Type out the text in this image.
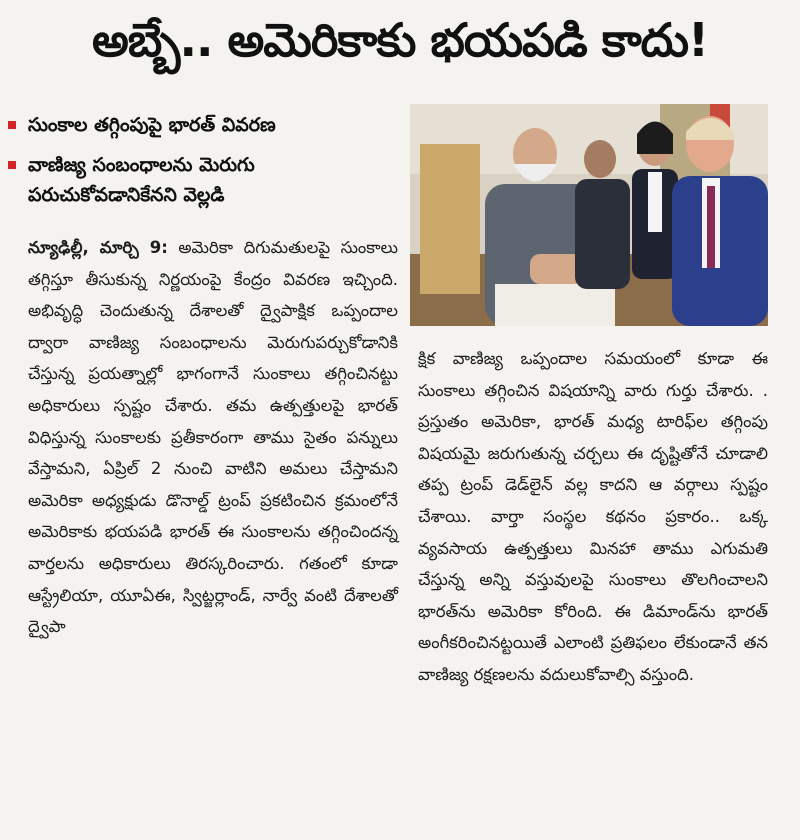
అబ్బే.. అమెరికాకు భయపడి కాదు!
సుంకాల తగ్గింపుపై భారత్ వివరణ
వాణిజ్య సంబంధాలను మెరుగు పరుచుకోవడానికేనని వెల్లడి
న్యూఢిల్లీ, మార్చి 9: అమెరికా దిగుమతులపై సుంకాలు తగ్గిస్తూ తీసుకున్న నిర్ణయంపై కేంద్రం వివరణ ఇచ్చింది. అభివృద్ధి చెందుతున్న దేశాలతో ద్వైపాక్షిక ఒప్పందాల ద్వారా వాణిజ్య సంబంధాలను మెరుగుపర్చుకోడానికి చేస్తున్న ప్రయత్నాల్లో భాగంగానే సుంకాలు తగ్గించినట్టు అధికారులు స్పష్టం చేశారు. తమ ఉత్పత్తులపై భారత్ విధిస్తున్న సుంకాలకు ప్రతీకారంగా తాము సైతం పన్నులు వేస్తామని, ఏప్రిల్ 2 నుంచి వాటిని అమలు చేస్తామని అమెరికా అధ్యక్షుడు డొనాల్డ్ ట్రంప్ ప్రకటించిన క్రమంలోనే అమెరికాకు భయపడి భారత్ ఈ సుంకాలను తగ్గించిందన్న వార్తలను అధికారులు తిరస్కరించారు. గతంలో కూడా ఆస్ట్రేలియా, యూఏఈ, స్విట్జర్లాండ్, నార్వే వంటి దేశాలతో ద్వైపా
క్షిక వాణిజ్య ఒప్పందాల సమయంలో కూడా ఈ సుంకాలు తగ్గించిన విషయాన్ని వారు గుర్తు చేశారు. . ప్రస్తుతం అమెరికా, భారత్ మధ్య టారిఫ్‌ల తగ్గింపు విషయమై జరుగుతున్న చర్చలు ఈ దృష్టితోనే చూడాలి తప్ప ట్రంప్ డెడ్‌లైన్ వల్ల కాదని ఆ వర్గాలు స్పష్టం చేశాయి. వార్తా సంస్థల కథనం ప్రకారం.. ఒక్క వ్యవసాయ ఉత్పత్తులు మినహా తాము ఎగుమతి చేస్తున్న అన్ని వస్తువులపై సుంకాలు తొలగించాలని భారత్‌ను అమెరికా కోరింది. ఈ డిమాండ్‌ను భారత్ అంగీకరించినట్టయితే ఎలాంటి ప్రతిఫలం లేకుండానే తన వాణిజ్య రక్షణలను వదులుకోవాల్సి వస్తుంది.
